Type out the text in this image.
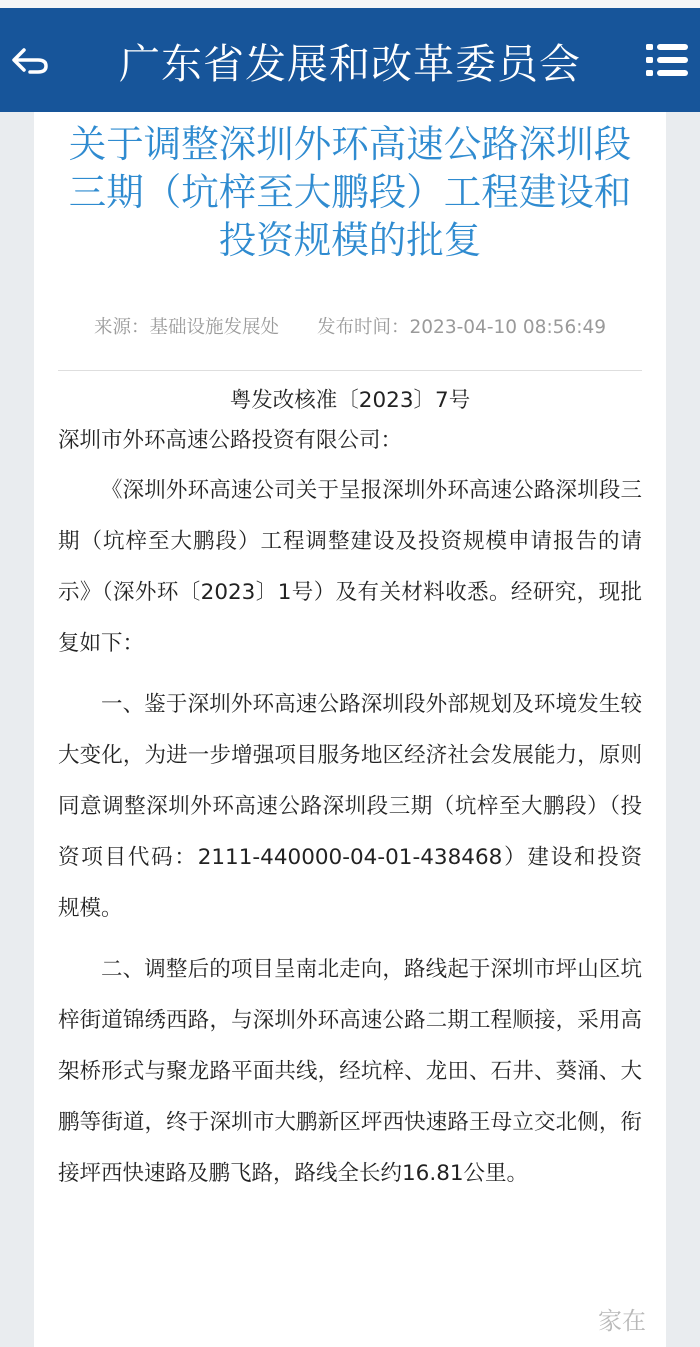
广东省发展和改革委员会
关于调整深圳外环高速公路深圳段三期（坑梓至大鹏段）工程建设和投资规模的批复
来源：基础设施发展处 发布时间：2023-04-10 08:56:49
粤发改核准〔2023〕7号

深圳市外环高速公路投资有限公司：

《深圳外环高速公司关于呈报深圳外环高速公路深圳段三期（坑梓至大鹏段）工程调整建设及投资规模申请报告的请示》（深外环〔2023〕1号）及有关材料收悉。经研究，现批复如下：

一、鉴于深圳外环高速公路深圳段外部规划及环境发生较大变化，为进一步增强项目服务地区经济社会发展能力，原则同意调整深圳外环高速公路深圳段三期（坑梓至大鹏段）（投资项目代码：2111-440000-04-01-438468）建设和投资规模。

二、调整后的项目呈南北走向，路线起于深圳市坪山区坑梓街道锦绣西路，与深圳外环高速公路二期工程顺接，采用高架桥形式与聚龙路平面共线，经坑梓、龙田、石井、葵涌、大鹏等街道，终于深圳市大鹏新区坪西快速路王母立交北侧，衔接坪西快速路及鹏飞路，路线全长约16.81公里。

家在
